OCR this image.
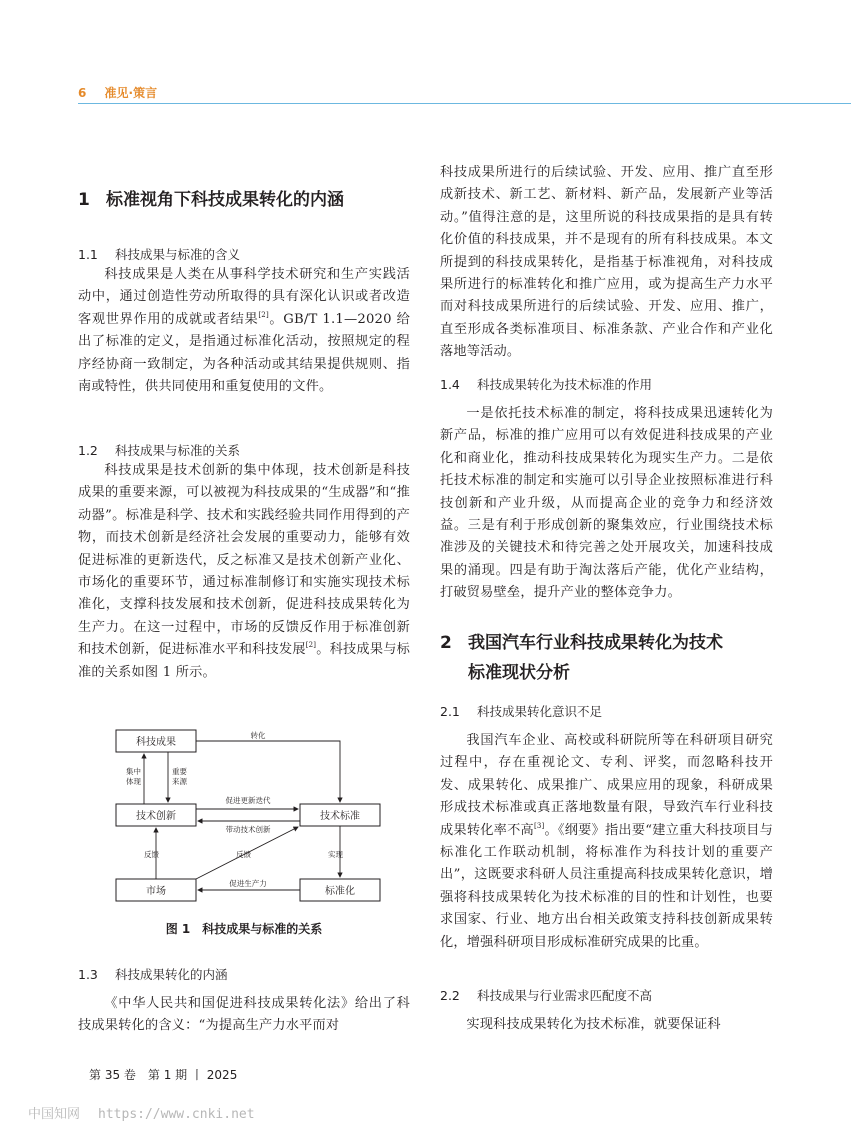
6 准见·策言
1 标准视角下科技成果转化的内涵
1.1 科技成果与标准的含义

科技成果是人类在从事科学技术研究和生产实践活动中，通过创造性劳动所取得的具有深化认识或者改造客观世界作用的成就或者结果[2]。GB/T 1.1—2020 给出了标准的定义，是指通过标准化活动，按照规定的程序经协商一致制定，为各种活动或其结果提供规则、指南或特性，供共同使用和重复使用的文件。

1.2 科技成果与标准的关系

科技成果是技术创新的集中体现，技术创新是科技成果的重要来源，可以被视为科技成果的“生成器”和“推动器”。标准是科学、技术和实践经验共同作用得到的产物，而技术创新是经济社会发展的重要动力，能够有效促进标准的更新迭代，反之标准又是技术创新产业化、市场化的重要环节，通过标准制修订和实施实现技术标准化，支撑科技发展和技术创新，促进科技成果转化为生产力。在这一过程中，市场的反馈反作用于标准创新和技术创新，促进标准水平和科技发展[2]。科技成果与标准的关系如图 1 所示。

科技成果
技术创新	技术标准
市场	标准化
转化
集中
体现
重要
来源
促进更新迭代
带动技术创新
反馈	反馈	实现
促进生产力
图 1　 科技成果与标准的关系
1.3 科技成果转化的内涵

《中华人民共和国促进科技成果转化法》给出了科技成果转化的含义：“为提高生产力水平而对

科技成果所进行的后续试验、开发、应用、推广直至形成新技术、新工艺、新材料、新产品，发展新产业等活动。”值得注意的是，这里所说的科技成果指的是具有转化价值的科技成果，并不是现有的所有科技成果。本文所提到的科技成果转化，是指基于标准视角，对科技成果所进行的标准转化和推广应用，或为提高生产力水平而对科技成果所进行的后续试验、开发、应用、推广，直至形成各类标准项目、标准条款、产业合作和产业化落地等活动。

1.4 科技成果转化为技术标准的作用

一是依托技术标准的制定，将科技成果迅速转化为新产品，标准的推广应用可以有效促进科技成果的产业化和商业化，推动科技成果转化为现实生产力。二是依托技术标准的制定和实施可以引导企业按照标准进行科技创新和产业升级，从而提高企业的竞争力和经济效益。三是有利于形成创新的聚集效应，行业围绕技术标准涉及的关键技术和待完善之处开展攻关，加速科技成果的涌现。四是有助于淘汰落后产能，优化产业结构，打破贸易壁垒，提升产业的整体竞争力。

2 我国汽车行业科技成果转化为技术
标准现状分析
2.1 科技成果转化意识不足

我国汽车企业、高校或科研院所等在科研项目研究过程中，存在重视论文、专利、评奖，而忽略科技开发、成果转化、成果推广、成果应用的现象，科研成果形成技术标准或真正落地数量有限，导致汽车行业科技成果转化率不高[3]。《纲要》指出要“建立重大科技项目与标准化工作联动机制，将标准作为科技计划的重要产出”，这既要求科研人员注重提高科技成果转化意识，增强将科技成果转化为技术标准的目的性和计划性，也要求国家、行业、地方出台相关政策支持科技创新成果转化，增强科研项目形成标准研究成果的比重。

2.2 科技成果与行业需求匹配度不高

实现科技成果转化为技术标准，就要保证科

第 35 卷　第 1 期 丨 2025
中国知网 https://www.cnki.net
